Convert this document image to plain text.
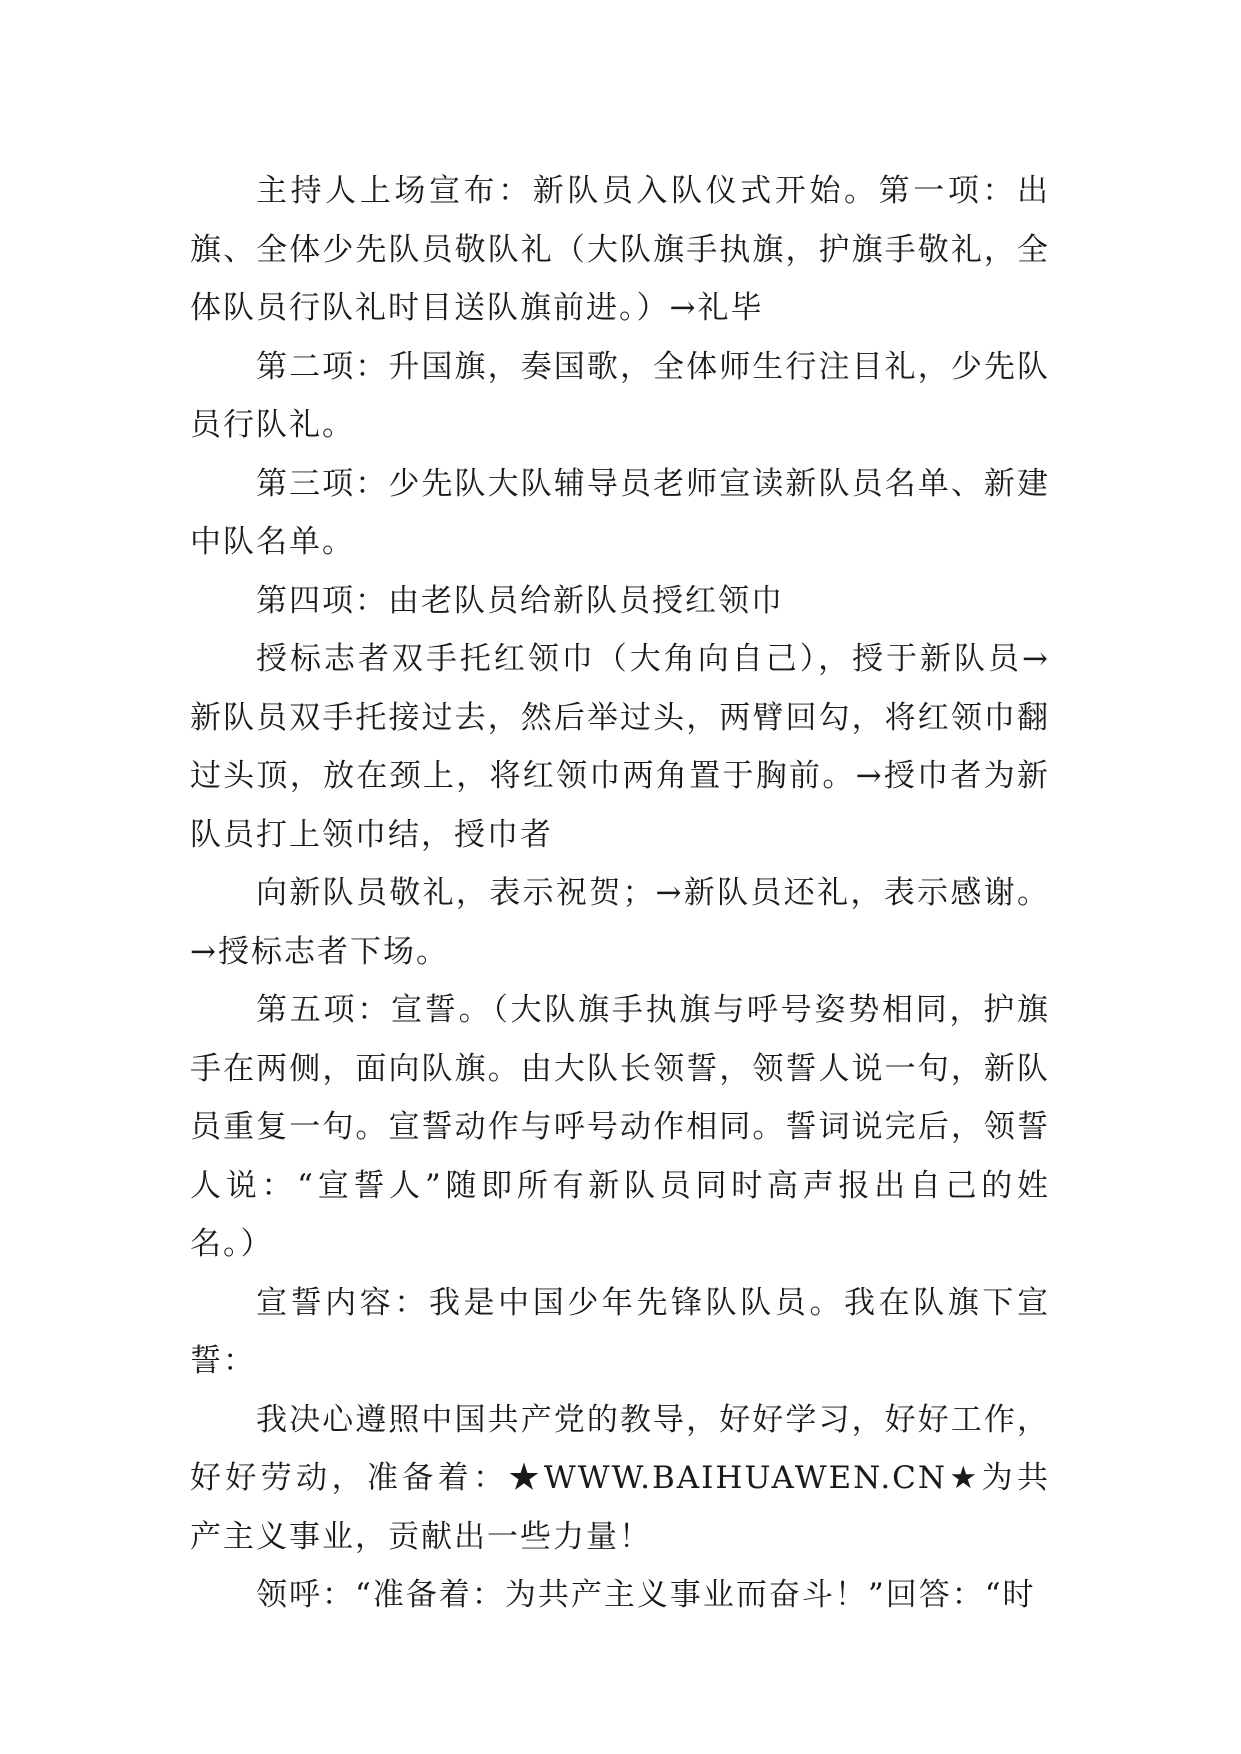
主持人上场宣布：新队员入队仪式开始。第一项：出旗、全体少先队员敬队礼（大队旗手执旗，护旗手敬礼，全体队员行队礼时目送队旗前进。）→礼毕

第二项：升国旗，奏国歌，全体师生行注目礼，少先队员行队礼。

第三项：少先队大队辅导员老师宣读新队员名单、新建中队名单。

第四项：由老队员给新队员授红领巾

授标志者双手托红领巾（大角向自己），授于新队员→新队员双手托接过去，然后举过头，两臂回勾，将红领巾翻过头顶，放在颈上，将红领巾两角置于胸前。→授巾者为新队员打上领巾结，授巾者

向新队员敬礼，表示祝贺；→新队员还礼，表示感谢。→授标志者下场。

第五项：宣誓。（大队旗手执旗与呼号姿势相同，护旗手在两侧，面向队旗。由大队长领誓，领誓人说一句，新队员重复一句。宣誓动作与呼号动作相同。誓词说完后，领誓人说：“宣誓人”随即所有新队员同时高声报出自己的姓名。）

宣誓内容：我是中国少年先锋队队员。我在队旗下宣誓：

我决心遵照中国共产党的教导，好好学习，好好工作，好好劳动，准备着：★WWW.BAIHUAWEN.CN★为共产主义事业，贡献出一些力量！

领呼：“准备着：为共产主义事业而奋斗！”回答：“时
